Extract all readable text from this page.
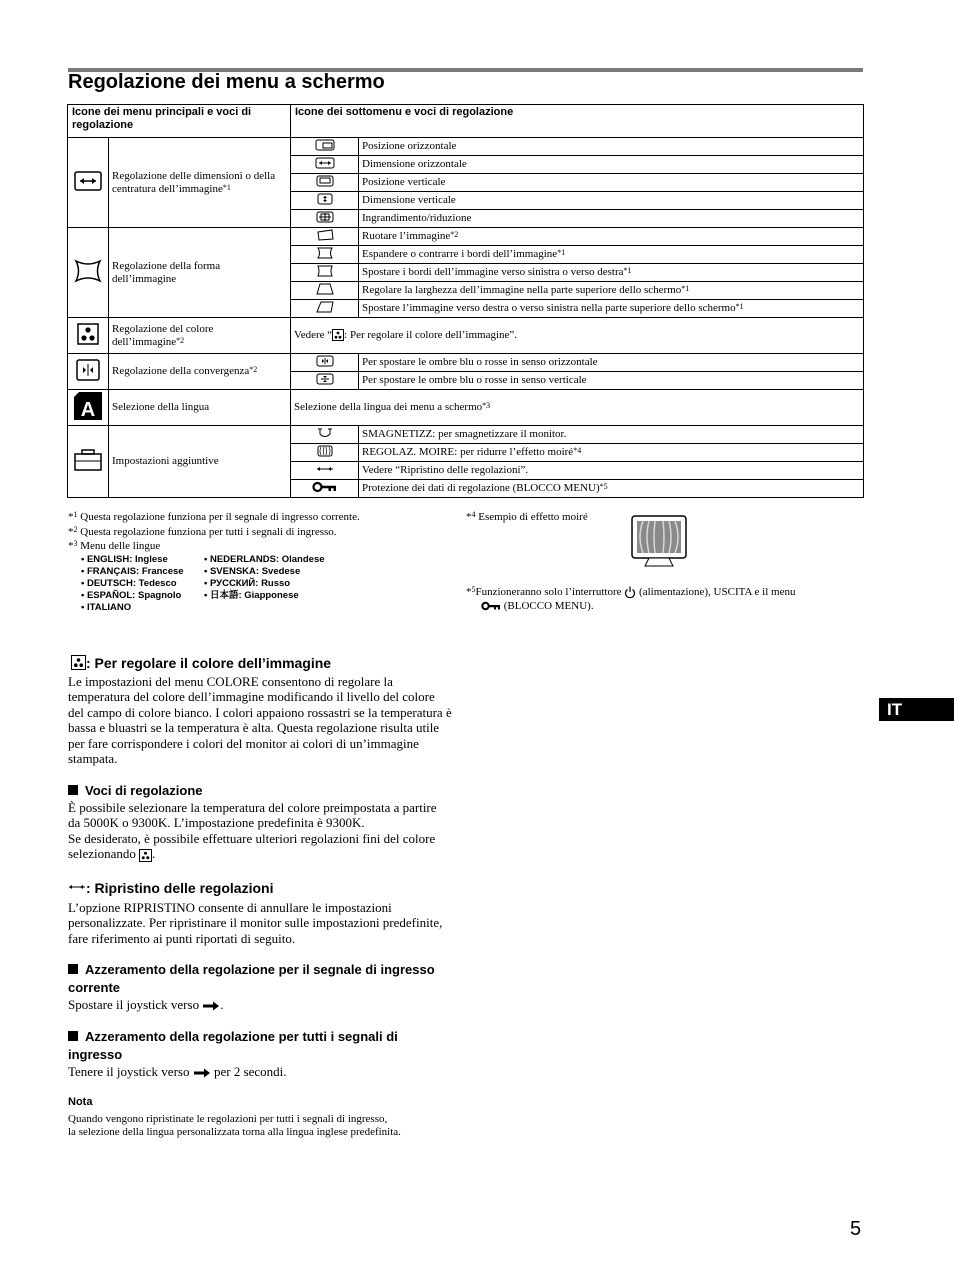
Regolazione dei menu a schermo
Icone dei menu principali e voci di regolazione		Icone dei sottomenu e voci di regolazione	
	Regolazione delle dimensioni o della centratura dell’immagine$^{*1}$		Posizione orizzontale
	Dimensione orizzontale
	Posizione verticale
	Dimensione verticale
	Ingrandimento/riduzione
	Regolazione della forma dell’immagine		Ruotare l’immagine$^{*2}$
	Espandere o contrarre i bordi dell’immagine$^{*1}$
	Spostare i bordi dell’immagine verso sinistra o verso destra$^{*1}$
	Regolare la larghezza dell’immagine nella parte superiore dello schermo$^{*1}$
	Spostare l’immagine verso destra o verso sinistra nella parte superiore dello schermo$^{*1}$
	Regolazione del colore dell’immagine$^{*2}$	Vedere “ : Per regolare il colore dell’immagine”.	
	Regolazione della convergenza$^{*2}$		Per spostare le ombre blu o rosse in senso orizzontale
	Per spostare le ombre blu o rosse in senso verticale

A	Selezione della lingua	Selezione della lingua dei menu a schermo$^{*3}$
	Impostazioni aggiuntive		SMAGNETIZZ: per smagnetizzare il monitor.
	REGOLAZ. MOIRE: per ridurre l’effetto moiré$^{*4}$
	Vedere “Ripristino delle regolazioni”.
	Protezione dei dati di regolazione (BLOCCO MENU)$^{*5}$
*$^1$ Questa regolazione funziona per il segnale di ingresso corrente.
*$^2$ Questa regolazione funziona per tutti i segnali di ingresso.
*$^3$ Menu delle lingue
• ENGLISH: Inglese
• FRANÇAIS: Francese
• DEUTSCH: Tedesco
• ESPAÑOL: Spagnolo
• ITALIANO
• NEDERLANDS: Olandese
• SVENSKA: Svedese
• РУССКИЙ: Russo
• 日本語: Giapponese
*$^4$ Esempio di effetto moiré
*$^5$Funzioneranno solo l’interruttore  (alimentazione), USCITA e il menu
(BLOCCO MENU).
: Per regolare il colore dell’immagine
Le impostazioni del menu COLORE consentono di regolare la temperatura del colore dell’immagine modificando il livello del colore del campo di colore bianco. I colori appaiono rossastri se la temperatura è bassa e bluastri se la temperatura è alta. Questa regolazione risulta utile per fare corrispondere i colori del monitor ai colori di un’immagine stampata.
Voci di regolazione
È possibile selezionare la temperatura del colore preimpostata a partire da 5000K o 9300K. L’impostazione predefinita è 9300K.
Se desiderato, è possibile effettuare ulteriori regolazioni fini del colore selezionando .
: Ripristino delle regolazioni
L’opzione RIPRISTINO consente di annullare le impostazioni personalizzate. Per ripristinare il monitor sulle impostazioni predefinite, fare riferimento ai punti riportati di seguito.
Azzeramento della regolazione per il segnale di ingresso corrente
Spostare il joystick verso .
Azzeramento della regolazione per tutti i segnali di ingresso
Tenere il joystick verso  per 2 secondi.
Nota
Quando vengono ripristinate le regolazioni per tutti i segnali di ingresso,
la selezione della lingua personalizzata torna alla lingua inglese predefinita.
IT
5
